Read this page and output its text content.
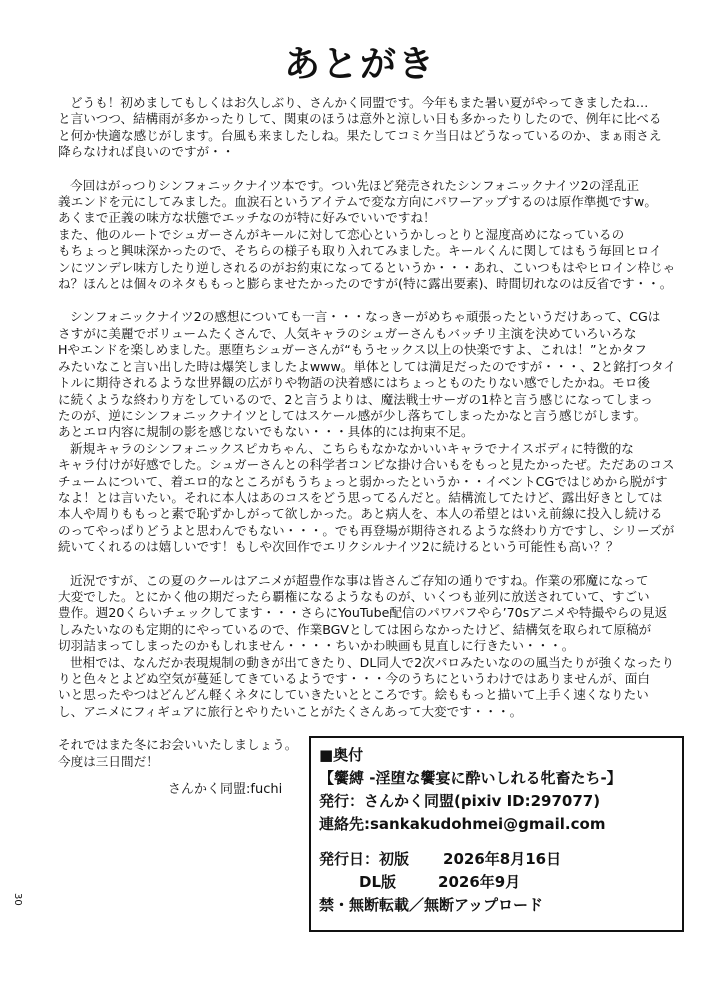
あとがき
どうも！初めましてもしくはお久しぶり、さんかく同盟です。今年もまた暑い夏がやってきましたね…
と言いつつ、結構雨が多かったりして、関東のほうは意外と涼しい日も多かったりしたので、例年に比べる
と何か快適な感じがします。台風も来ましたしね。果たしてコミケ当日はどうなっているのか、まぁ雨さえ
降らなければ良いのですが・・
今回はがっつりシンフォニックナイツ本です。つい先ほど発売されたシンフォニックナイツ2の淫乱正
義エンドを元にしてみました。血涙石というアイテムで変な方向にパワーアップするのは原作準拠ですw。
あくまで正義の味方な状態でエッチなのが特に好みでいいですね！
また、他のルートでシュガーさんがキールに対して恋心というかしっとりと湿度高めになっているの
もちょっと興味深かったので、そちらの様子も取り入れてみました。キールくんに関してはもう毎回ヒロイ
ンにツンデレ味方したり逆しされるのがお約束になってるというか・・・あれ、こいつもはやヒロイン枠じゃ
ね？ほんとは個々のネタももっと膨らませたかったのですが(特に露出要素)、時間切れなのは反省です・・。
シンフォニックナイツ2の感想についても一言・・・なっきーがめちゃ頑張ったというだけあって、CGは
さすがに美麗でボリュームたくさんで、人気キャラのシュガーさんもバッチリ主演を決めていろいろな
Hやエンドを楽しめました。悪堕ちシュガーさんが“もうセックス以上の快楽ですよ、これは！”とかタフ
みたいなこと言い出した時は爆笑しましたよwww。単体としては満足だったのですが・・・、2と銘打つタイ
トルに期待されるような世界観の広がりや物語の決着感にはちょっとものたりない感でしたかね。モロ後
に続くような終わり方をしているので、2と言うよりは、魔法戦士サーガの1枠と言う感じになってしまっ
たのが、逆にシンフォニックナイツとしてはスケール感が少し落ちてしまったかなと言う感じがします。
あとエロ内容に規制の影を感じないでもない・・・具体的には拘束不足。
新規キャラのシンフォニックスピカちゃん、こちらもなかなかいいキャラでナイスボディに特徴的な
キャラ付けが好感でした。シュガーさんとの科学者コンビな掛け合いもをもっと見たかったぜ。ただあのコス
チュームについて、着エロ的なところがもうちょっと弱かったというか・・イベントCGではじめから脱がす
なよ！とは言いたい。それに本人はあのコスをどう思ってるんだと。結構流してたけど、露出好きとしては
本人や周りももっと素で恥ずかしがって欲しかった。あと病人を、本人の希望とはいえ前線に投入し続ける
のってやっぱりどうよと思わんでもない・・・。でも再登場が期待されるような終わり方ですし、シリーズが
続いてくれるのは嬉しいです！もしや次回作でエリクシルナイツ2に続けるという可能性も高い？？
近況ですが、この夏のクールはアニメが超豊作な事は皆さんご存知の通りですね。作業の邪魔になって
大変でした。とにかく他の期だったら覇権になるようなものが、いくつも並列に放送されていて、すごい
豊作。週20くらいチェックしてます・・・さらにYouTube配信のパワパフやら’70sアニメや特撮やらの見返
しみたいなのも定期的にやっているので、作業BGVとしては困らなかったけど、結構気を取られて原稿が
切羽詰まってしまったのかもしれません・・・・ちいかわ映画も見直しに行きたい・・・。
世相では、なんだか表現規制の動きが出てきたり、DL同人で2次パロみたいなのの風当たりが強くなったり
りと色々とよどぬ空気が蔓延してきているようです・・・今のうちにというわけではありませんが、面白
いと思ったやつはどんどん軽くネタにしていきたいとところです。絵ももっと描いて上手く速くなりたい
し、アニメにフィギュアに旅行とやりたいことがたくさんあって大変です・・・。
それではまた冬にお会いいたしましょう。
今度は三日間だ！
さんかく同盟:fuchi
■奥付
【饗縛 -淫堕な饗宴に酔いしれる牝畜たち-】
発行：さんかく同盟(pixiv ID:297077)
連絡先:sankakudohmei@gmail.com
発行日： 初版	2026年8月16日
DL版	2026年9月
禁・無断転載／無断アップロード
30
